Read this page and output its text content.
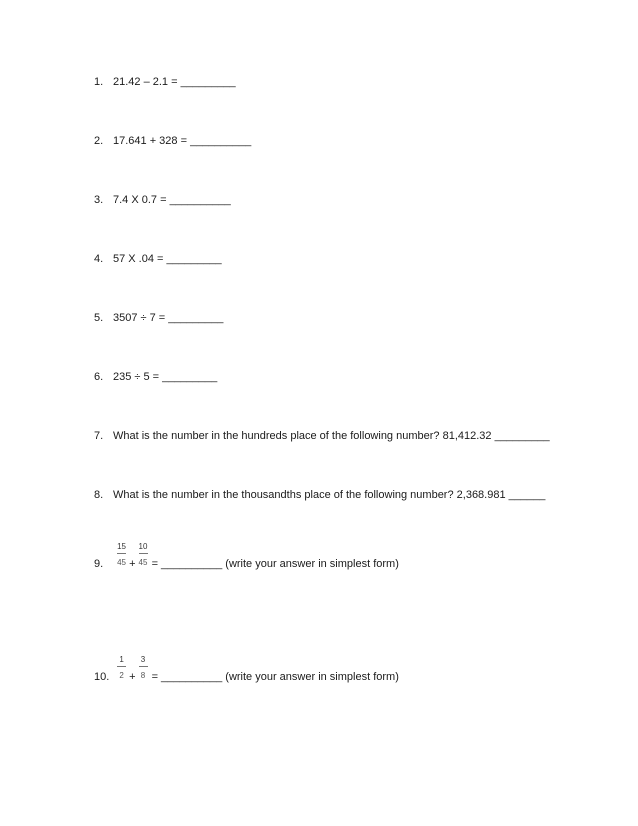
1. 21.42 – 2.1 = _________
2. 17.641 + 328 = __________
3. 7.4 X 0.7 = __________
4. 57 X .04 = _________
5. 3507 ÷ 7 = _________
6. 235 ÷ 5 = _________
7. What is the number in the hundreds place of the following number? 81,412.32 _________
8. What is the number in the thousandths place of the following number? 2,368.981 ______
9. $\frac{15}{45} + \frac{10}{45}$ = __________ (write your answer in simplest form)
10. $\frac{1}{2} + \frac{3}{8}$ = __________ (write your answer in simplest form)
